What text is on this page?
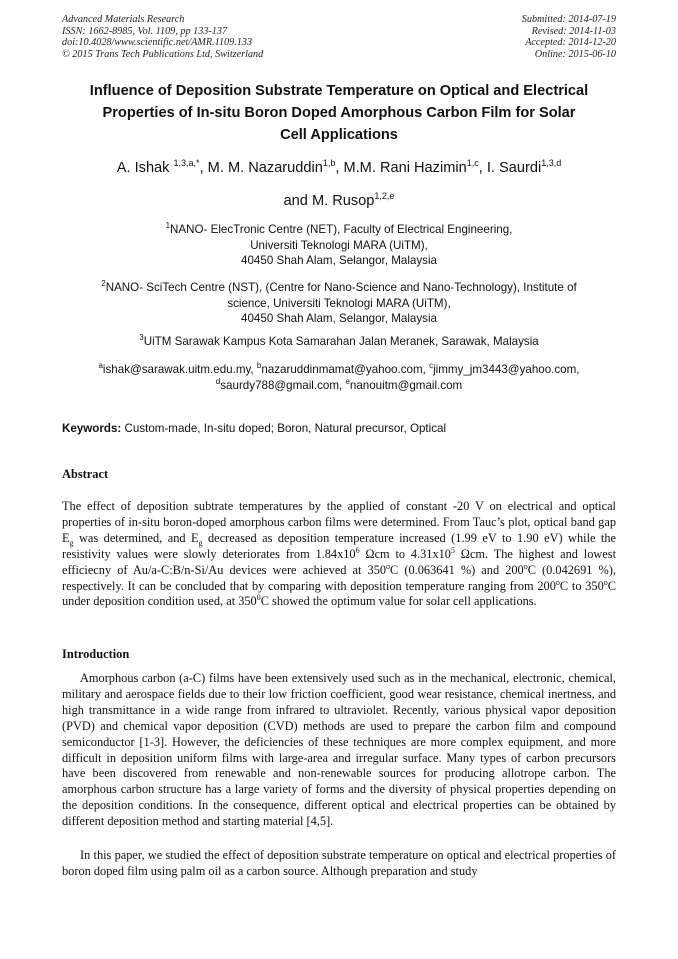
Advanced Materials Research
ISSN: 1662-8985, Vol. 1109, pp 133-137
doi:10.4028/www.scientific.net/AMR.1109.133
© 2015 Trans Tech Publications Ltd, Switzerland
Submitted: 2014-07-19
Revised: 2014-11-03
Accepted: 2014-12-20
Online: 2015-06-10
Influence of Deposition Substrate Temperature on Optical and Electrical
Properties of In-situ Boron Doped Amorphous Carbon Film for Solar
Cell Applications
A. Ishak $^{1,3,a,*}$, M. M. Nazaruddin$^{1,b}$, M.M. Rani Hazimin$^{1,c}$, I. Saurdi$^{1,3,d}$
and M. Rusop$^{1,2,e}$
$^1$NANO- ElecTronic Centre (NET), Faculty of Electrical Engineering,
Universiti Teknologi MARA (UiTM),
40450 Shah Alam, Selangor, Malaysia
$^2$NANO- SciTech Centre (NST), (Centre for Nano-Science and Nano-Technology), Institute of
science, Universiti Teknologi MARA (UiTM),
40450 Shah Alam, Selangor, Malaysia
$^3$UiTM Sarawak Kampus Kota Samarahan Jalan Meranek, Sarawak, Malaysia
$^a$ishak@sarawak.uitm.edu.my, $^b$nazaruddinmamat@yahoo.com, $^c$jimmy_jm3443@yahoo.com,
$^d$saurdy788@gmail.com, $^e$nanouitm@gmail.com
Keywords: Custom-made, In-situ doped; Boron, Natural precursor, Optical
Abstract
The effect of deposition subtrate temperatures by the applied of constant -20 V on electrical and optical properties of in-situ boron-doped amorphous carbon films were determined. From Tauc’s plot, optical band gap $E_g$ was determined, and $E_g$ decreased as deposition temperature increased (1.99 eV to 1.90 eV) while the resistivity values were slowly deteriorates from $1.84x10^6$ Ωcm to $4.31x10^5$ Ωcm. The highest and lowest efficiecny of Au/a-C:B/n-Si/Au devices were achieved at 350$^o$C (0.063641 %) and 200$^o$C (0.042691 %), respectively. It can be concluded that by comparing with deposition temperature ranging from 200$^o$C to 350$^o$C under deposition condition used, at $350^0C$ showed the optimum value for solar cell applications.
Introduction
Amorphous carbon (a-C) films have been extensively used such as in the mechanical, electronic, chemical, military and aerospace fields due to their low friction coefficient, good wear resistance, chemical inertness, and high transmittance in a wide range from infrared to ultraviolet. Recently, various physical vapor deposition (PVD) and chemical vapor deposition (CVD) methods are used to prepare the carbon film and compound semiconductor [1-3]. However, the deficiencies of these techniques are more complex equipment, and more difficult in deposition uniform films with large-area and irregular surface. Many types of carbon precursors have been discovered from renewable and non-renewable sources for producing allotrope carbon. The amorphous carbon structure has a large variety of forms and the diversity of physical properties depending on the deposition conditions. In the consequence, different optical and electrical properties can be obtained by different deposition method and starting material [4,5].
In this paper, we studied the effect of deposition substrate temperature on optical and electrical properties of boron doped film using palm oil as a carbon source. Although preparation and study
